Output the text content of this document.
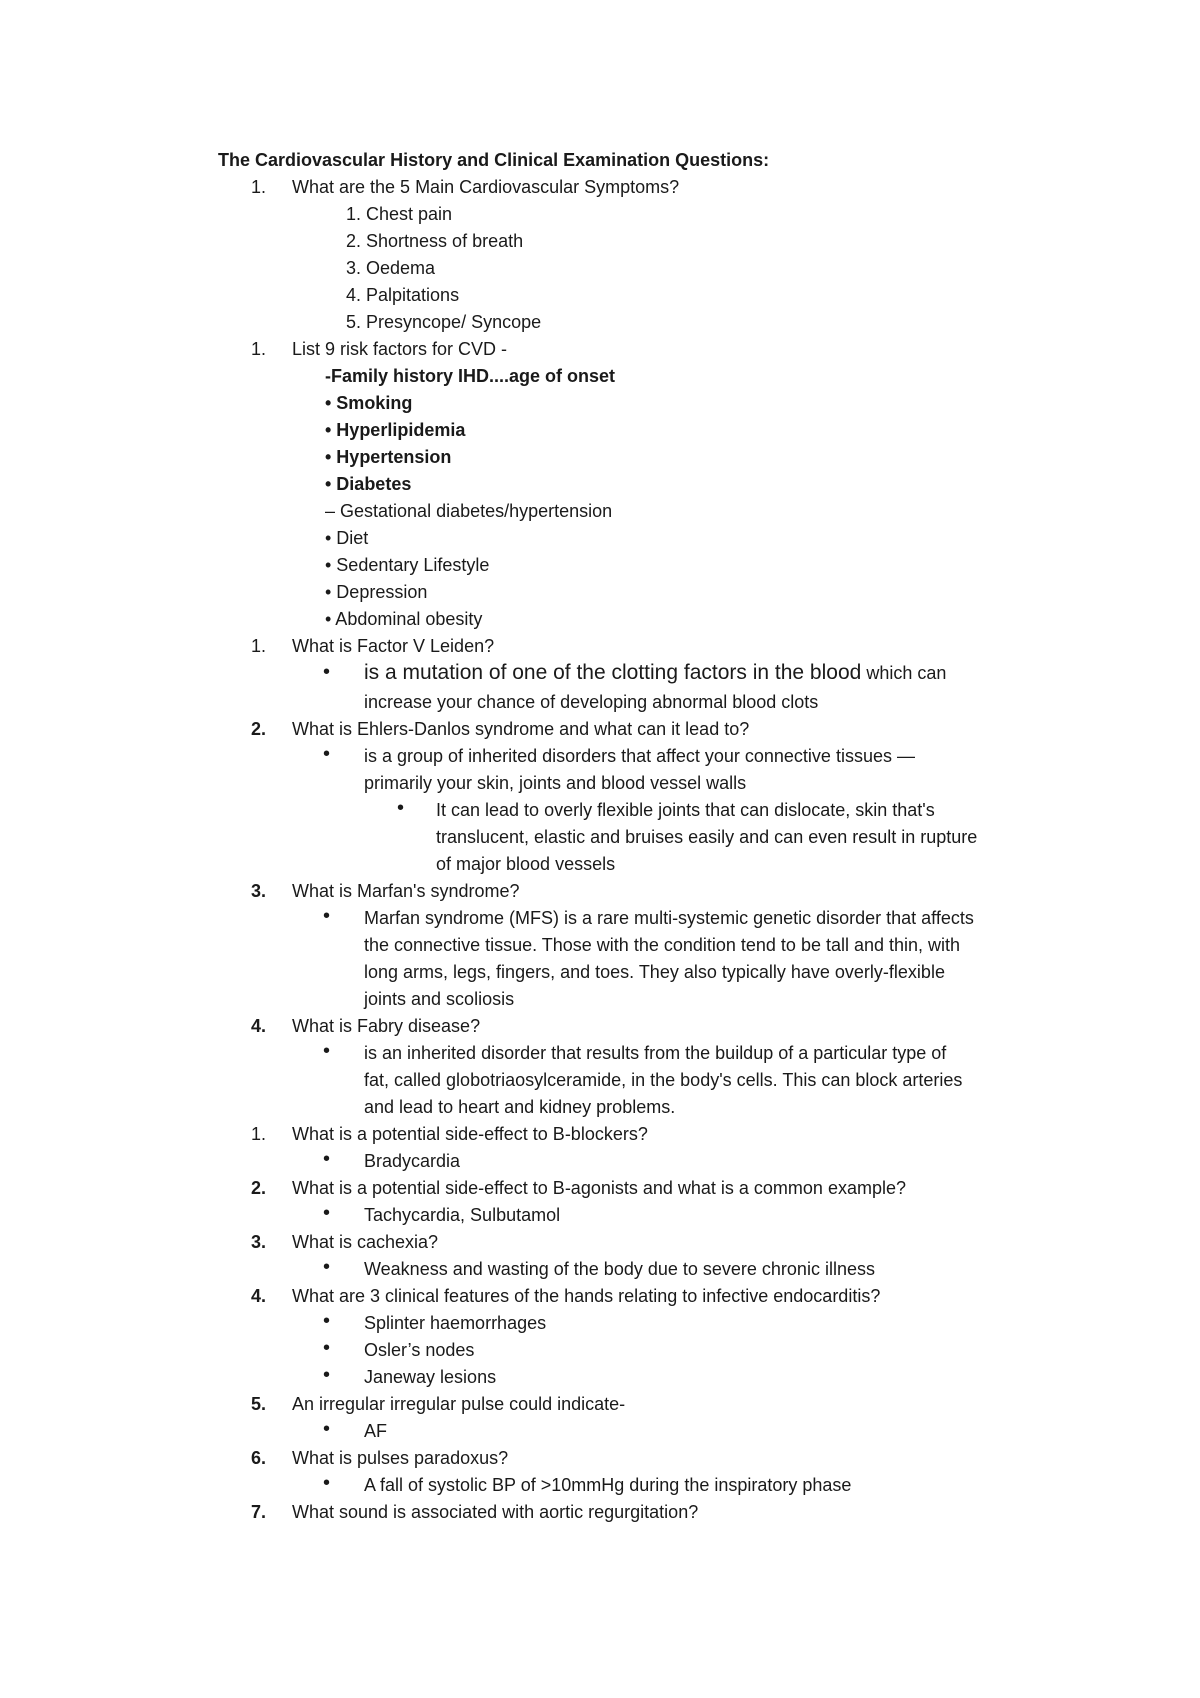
The Cardiovascular History and Clinical Examination Questions:
1. What are the 5 Main Cardiovascular Symptoms?
1. Chest pain
2. Shortness of breath
3. Oedema
4. Palpitations
5. Presyncope/ Syncope
1. List 9 risk factors for CVD -
-Family history IHD....age of onset
• Smoking
• Hyperlipidemia
• Hypertension
• Diabetes
– Gestational diabetes/hypertension
• Diet
• Sedentary Lifestyle
• Depression
• Abdominal obesity
1. What is Factor V Leiden?
• is a mutation of one of the clotting factors in the blood which can
increase your chance of developing abnormal blood clots
2. What is Ehlers-Danlos syndrome and what can it lead to?
• is a group of inherited disorders that affect your connective tissues —
primarily your skin, joints and blood vessel walls
• It can lead to overly flexible joints that can dislocate, skin that's
translucent, elastic and bruises easily and can even result in rupture
of major blood vessels
3. What is Marfan's syndrome?
• Marfan syndrome (MFS) is a rare multi-systemic genetic disorder that affects
the connective tissue. Those with the condition tend to be tall and thin, with
long arms, legs, fingers, and toes. They also typically have overly-flexible
joints and scoliosis
4. What is Fabry disease?
• is an inherited disorder that results from the buildup of a particular type of
fat, called globotriaosylceramide, in the body's cells. This can block arteries
and lead to heart and kidney problems.
1. What is a potential side-effect to B-blockers?
• Bradycardia
2. What is a potential side-effect to B-agonists and what is a common example?
• Tachycardia, Sulbutamol
3. What is cachexia?
• Weakness and wasting of the body due to severe chronic illness
4. What are 3 clinical features of the hands relating to infective endocarditis?
• Splinter haemorrhages
• Osler’s nodes
• Janeway lesions
5. An irregular irregular pulse could indicate-
• AF
6. What is pulses paradoxus?
• A fall of systolic BP of >10mmHg during the inspiratory phase
7. What sound is associated with aortic regurgitation?
